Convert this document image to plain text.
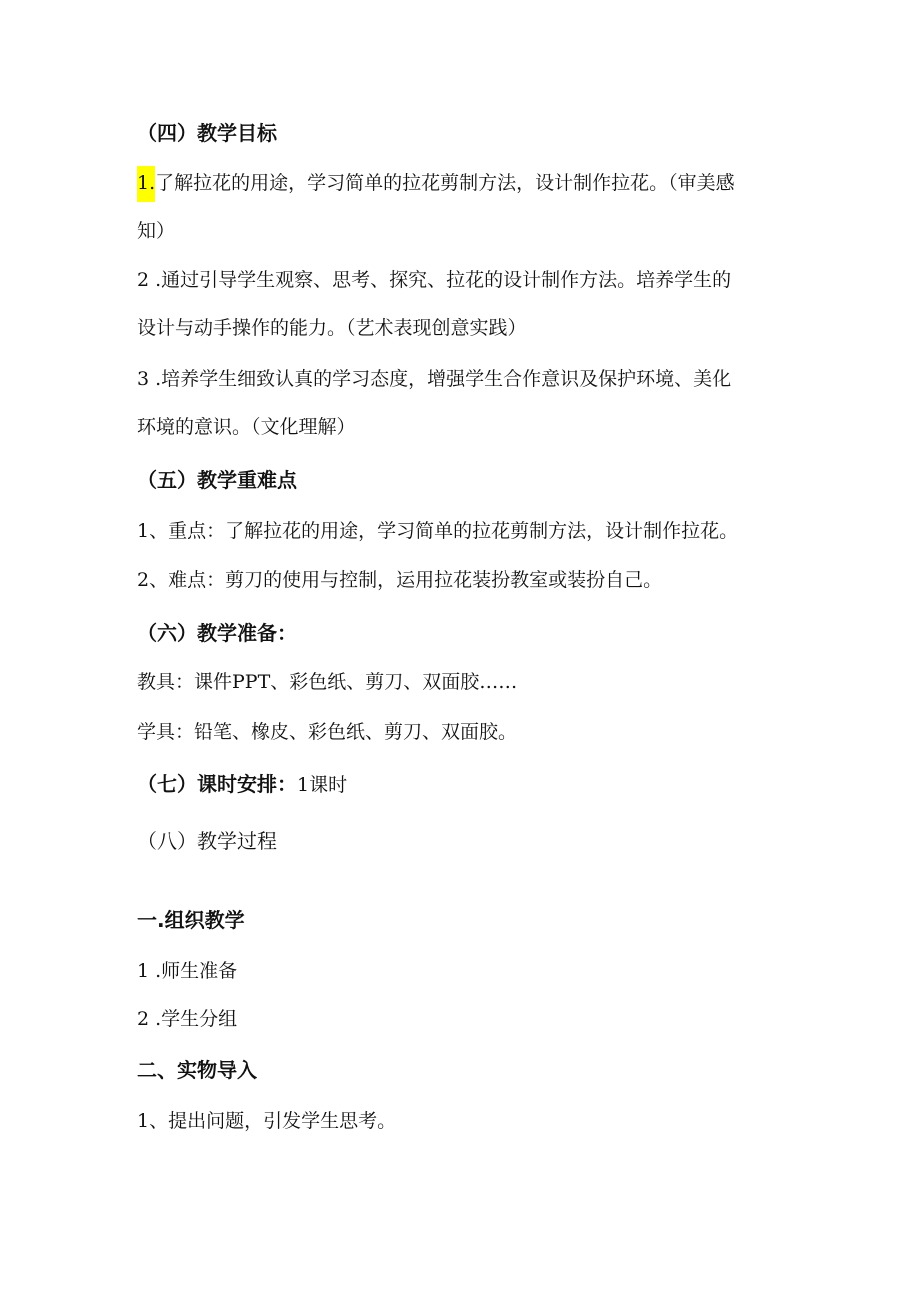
（四）教学目标
1.了解拉花的用途，学习简单的拉花剪制方法，设计制作拉花。（审美感
知）
2 .通过引导学生观察、思考、探究、拉花的设计制作方法。培养学生的
设计与动手操作的能力。（艺术表现创意实践）
3 .培养学生细致认真的学习态度，增强学生合作意识及保护环境、美化
环境的意识。（文化理解）
（五）教学重难点
1、重点：了解拉花的用途，学习简单的拉花剪制方法，设计制作拉花。
2、难点：剪刀的使用与控制，运用拉花装扮教室或装扮自己。
（六）教学准备：
教具：课件PPT、彩色纸、剪刀、双面胶……
学具：铅笔、橡皮、彩色纸、剪刀、双面胶。
（七）课时安排：1课时
（八）教学过程
一.组织教学
1 .师生准备
2 .学生分组
二、实物导入
1、提出问题，引发学生思考。
